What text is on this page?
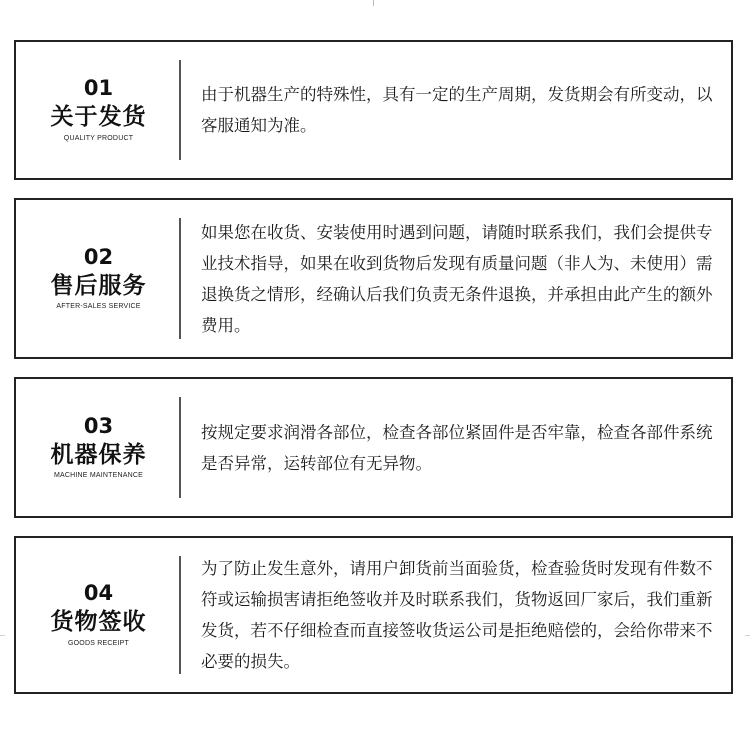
01
关于发货
QUALITY PRODUCT
由于机器生产的特殊性，具有一定的生产周期，发货期会有所变动，以客服通知为准。
02
售后服务
AFTER-SALES SERVICE
如果您在收货、安装使用时遇到问题，请随时联系我们，我们会提供专业技术指导，如果在收到货物后发现有质量问题（非人为、未使用）需退换货之情形，经确认后我们负责无条件退换，并承担由此产生的额外费用。
03
机器保养
MACHINE MAINTENANCE
按规定要求润滑各部位，检查各部位紧固件是否牢靠，检查各部件系统是否异常，运转部位有无异物。
04
货物签收
GOODS RECEIPT
为了防止发生意外，请用户卸货前当面验货，检查验货时发现有件数不符或运输损害请拒绝签收并及时联系我们，货物返回厂家后，我们重新发货，若不仔细检查而直接签收货运公司是拒绝赔偿的，会给你带来不必要的损失。
